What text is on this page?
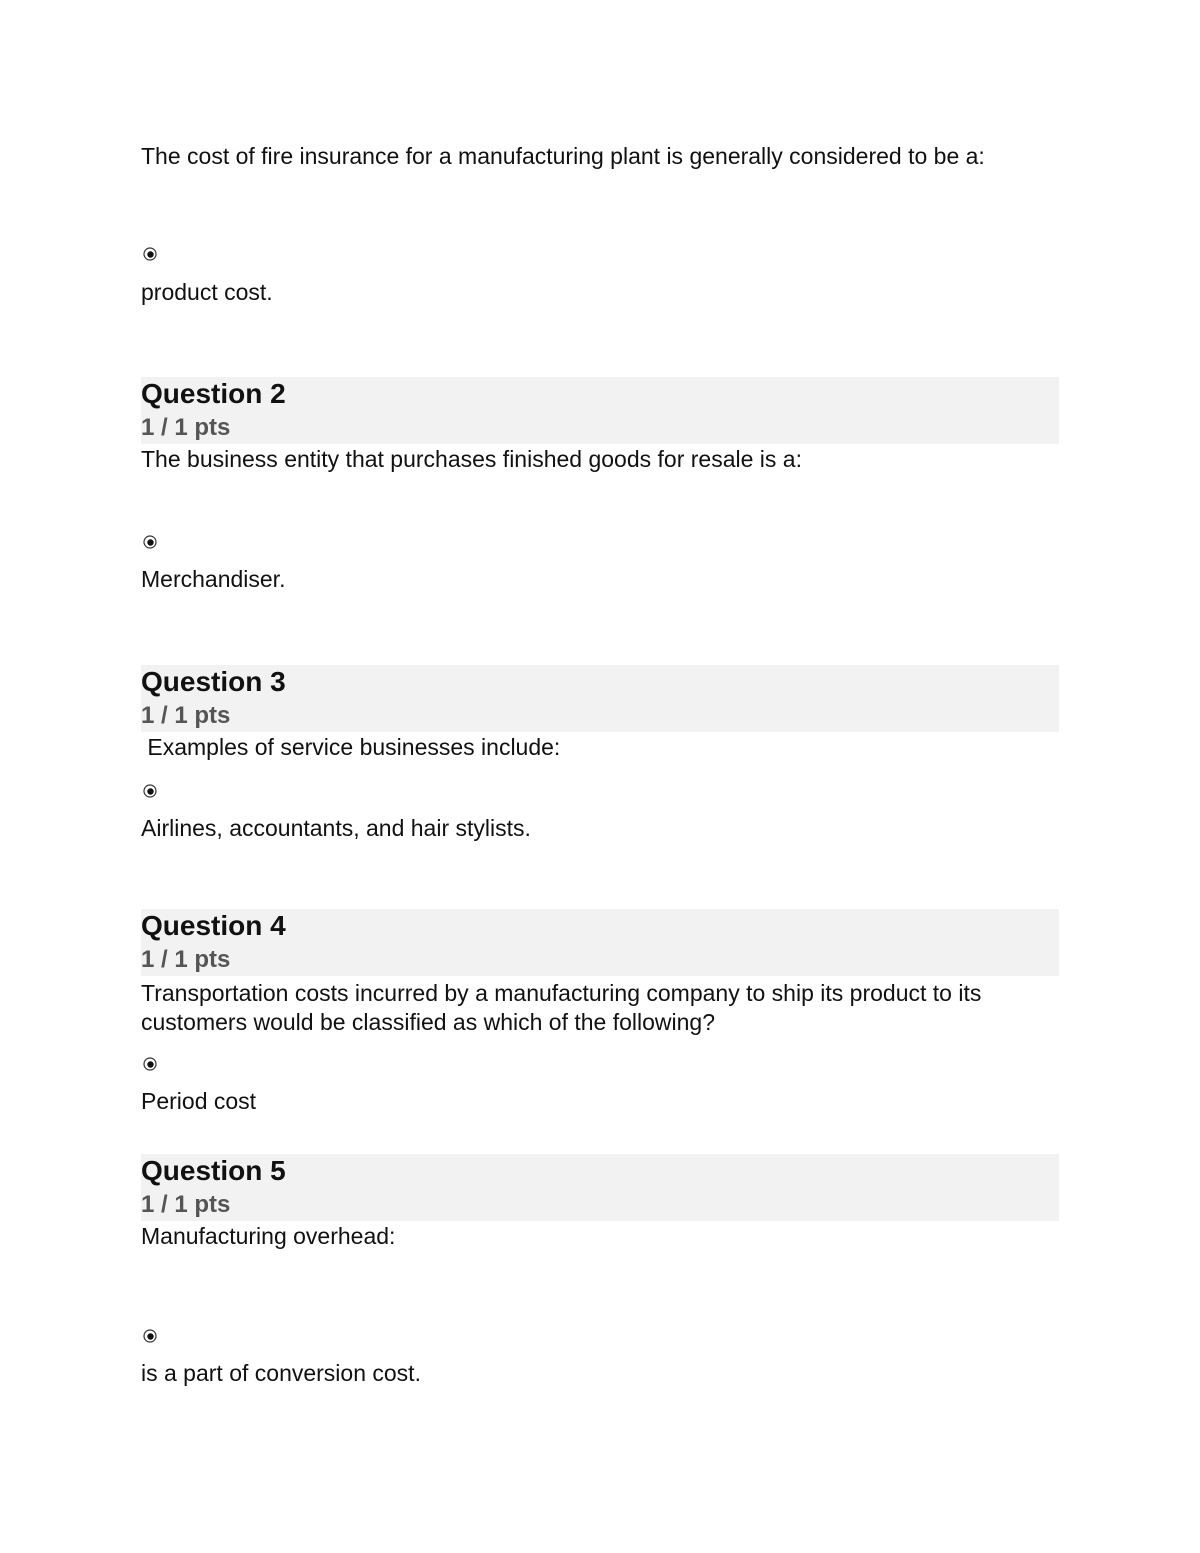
The cost of fire insurance for a manufacturing plant is generally considered to be a:
product cost.
Question 2
1 / 1 pts
The business entity that purchases finished goods for resale is a:
Merchandiser.
Question 3
1 / 1 pts
Examples of service businesses include:
Airlines, accountants, and hair stylists.
Question 4
1 / 1 pts
Transportation costs incurred by a manufacturing company to ship its product to its customers would be classified as which of the following?
Period cost
Question 5
1 / 1 pts
Manufacturing overhead:
is a part of conversion cost.
